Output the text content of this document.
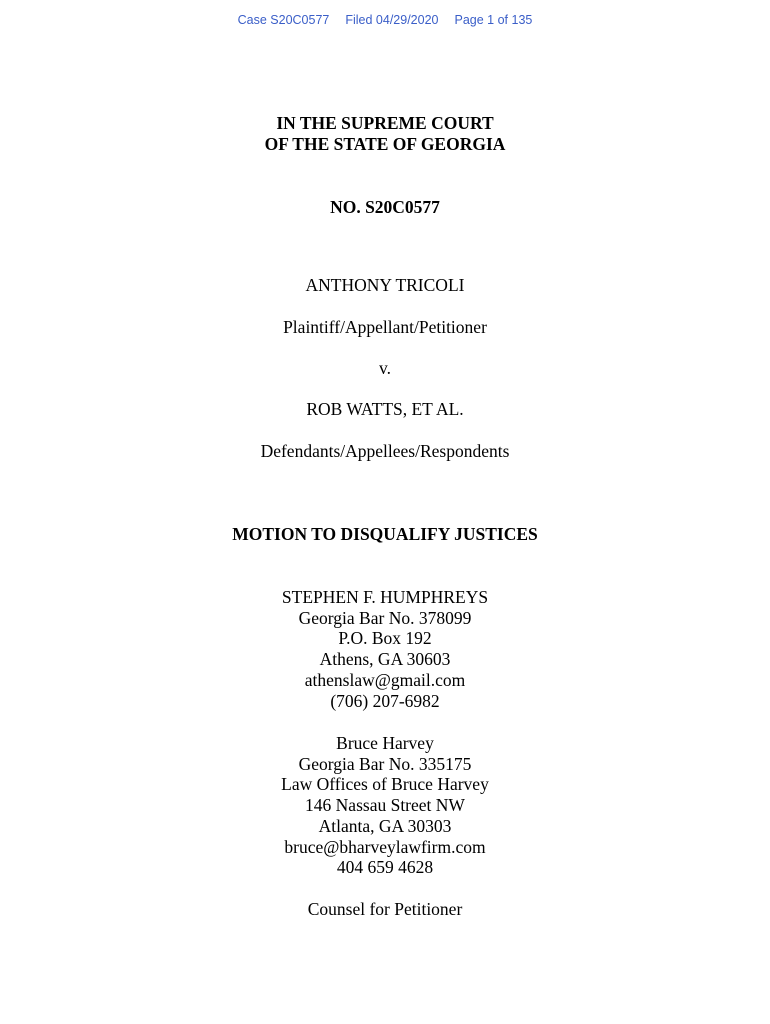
Case S20C0577 Filed 04/29/2020 Page 1 of 135
IN THE SUPREME COURT
OF THE STATE OF GEORGIA
NO. S20C0577
ANTHONY TRICOLI
Plaintiff/Appellant/Petitioner
v.
ROB WATTS, ET AL.
Defendants/Appellees/Respondents
MOTION TO DISQUALIFY JUSTICES
STEPHEN F. HUMPHREYS
Georgia Bar No. 378099
P.O. Box 192
Athens, GA 30603
athenslaw@gmail.com
(706) 207-6982
Bruce Harvey
Georgia Bar No. 335175
Law Offices of Bruce Harvey
146 Nassau Street NW
Atlanta, GA 30303
bruce@bharveylawfirm.com
404 659 4628
Counsel for Petitioner
